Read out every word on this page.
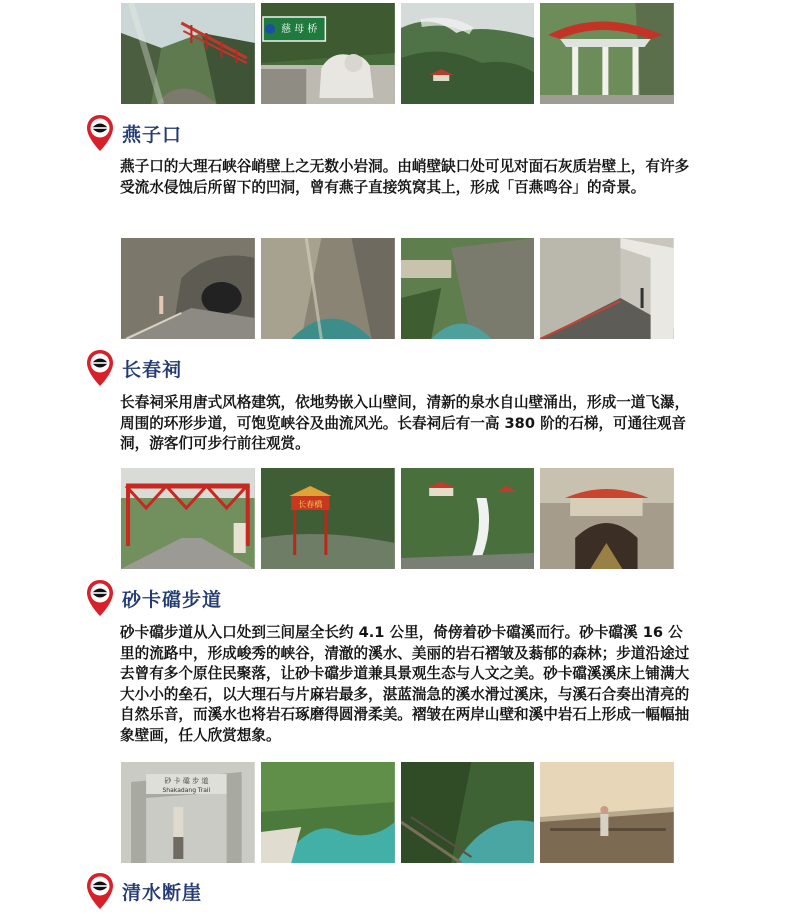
慈 母 桥
燕子口

燕子口的大理石峡谷峭壁上之无数小岩洞。由峭壁缺口处可见对面石灰质岩壁上，有许多受流水侵蚀后所留下的凹洞，曾有燕子直接筑窝其上，形成「百燕鸣谷」的奇景。

长春祠

长春祠采用唐式风格建筑，依地势嵌入山壁间，清新的泉水自山壁涌出，形成一道飞瀑，周围的环形步道，可饱览峡谷及曲流风光。长春祠后有一高 380 阶的石梯，可通往观音洞，游客们可步行前往观赏。

长春橋
砂卡礑步道

砂卡礑步道从入口处到三间屋全长约 4.1 公里，倚傍着砂卡礑溪而行。砂卡礑溪 16 公里的流路中，形成峻秀的峡谷，清澈的溪水、美丽的岩石褶皱及蓊郁的森林；步道沿途过去曾有多个原住民聚落，让砂卡礑步道兼具景观生态与人文之美。砂卡礑溪溪床上铺满大大小小的垒石，以大理石与片麻岩最多，湛蓝湍急的溪水滑过溪床，与溪石合奏出清亮的自然乐音，而溪水也将岩石琢磨得圆滑柔美。褶皱在两岸山壁和溪中岩石上形成一幅幅抽象壁画，任人欣赏想象。

砂 卡 礑 步 道
Shakadang Trail
清水断崖
